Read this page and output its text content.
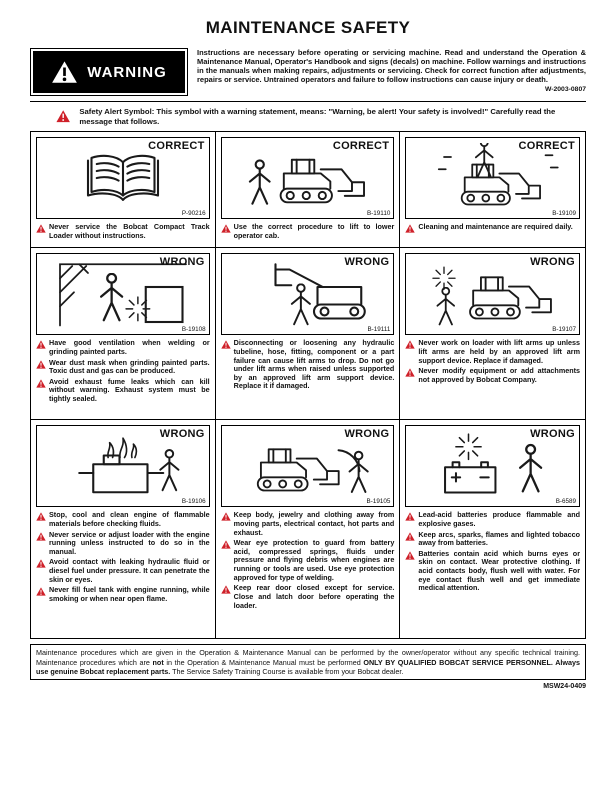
MAINTENANCE SAFETY
WARNING

Instructions are necessary before operating or servicing machine. Read and understand the Operation & Maintenance Manual, Operator's Handbook and signs (decals) on machine. Follow warnings and instructions in the manuals when making repairs, adjustments or servicing. Check for correct function after adjustments, repairs or service. Untrained operators and failure to follow instructions can cause injury or death.

W-2003-0807

Safety Alert Symbol: This symbol with a warning statement, means: "Warning, be alert! Your safety is involved!" Carefully read the message that follows.

CORRECT
P-90216

Never service the Bobcat Compact Track Loader without instructions.

CORRECT
B-19110

Use the correct procedure to lift to lower operator cab.

CORRECT
B-19109

Cleaning and maintenance are required daily.

WRONG
B-19108

Have good ventilation when welding or grinding painted parts.

Wear dust mask when grinding painted parts. Toxic dust and gas can be produced.

Avoid exhaust fume leaks which can kill without warning. Exhaust system must be tightly sealed.

WRONG
B-19111

Disconnecting or loosening any hydraulic tubeline, hose, fitting, component or a part failure can cause lift arms to drop. Do not go under lift arms when raised unless supported by an approved lift arm support device. Replace it if damaged.

WRONG
B-19107

Never work on loader with lift arms up unless lift arms are held by an approved lift arm support device. Replace if damaged.

Never modify equipment or add attachments not approved by Bobcat Company.

WRONG
B-19106

Stop, cool and clean engine of flammable materials before checking fluids.

Never service or adjust loader with the engine running unless instructed to do so in the manual.

Avoid contact with leaking hydraulic fluid or diesel fuel under pressure. It can penetrate the skin or eyes.

Never fill fuel tank with engine running, while smoking or when near open flame.

WRONG
B-19105

Keep body, jewelry and clothing away from moving parts, electrical contact, hot parts and exhaust.

Wear eye protection to guard from battery acid, compressed springs, fluids under pressure and flying debris when engines are running or tools are used. Use eye protection approved for type of welding.

Keep rear door closed except for service. Close and latch door before operating the loader.

WRONG
B-6589

Lead-acid batteries produce flammable and explosive gases.

Keep arcs, sparks, flames and lighted tobacco away from batteries.

Batteries contain acid which burns eyes or skin on contact. Wear protective clothing. If acid contacts body, flush well with water. For eye contact flush well and get immediate medical attention.

Maintenance procedures which are given in the Operation & Maintenance Manual can be performed by the owner/operator without any specific technical training. Maintenance procedures which are not in the Operation & Maintenance Manual must be performed ONLY BY QUALIFIED BOBCAT SERVICE PERSONNEL. Always use genuine Bobcat replacement parts. The Service Safety Training Course is available from your Bobcat dealer.
MSW24-0409
